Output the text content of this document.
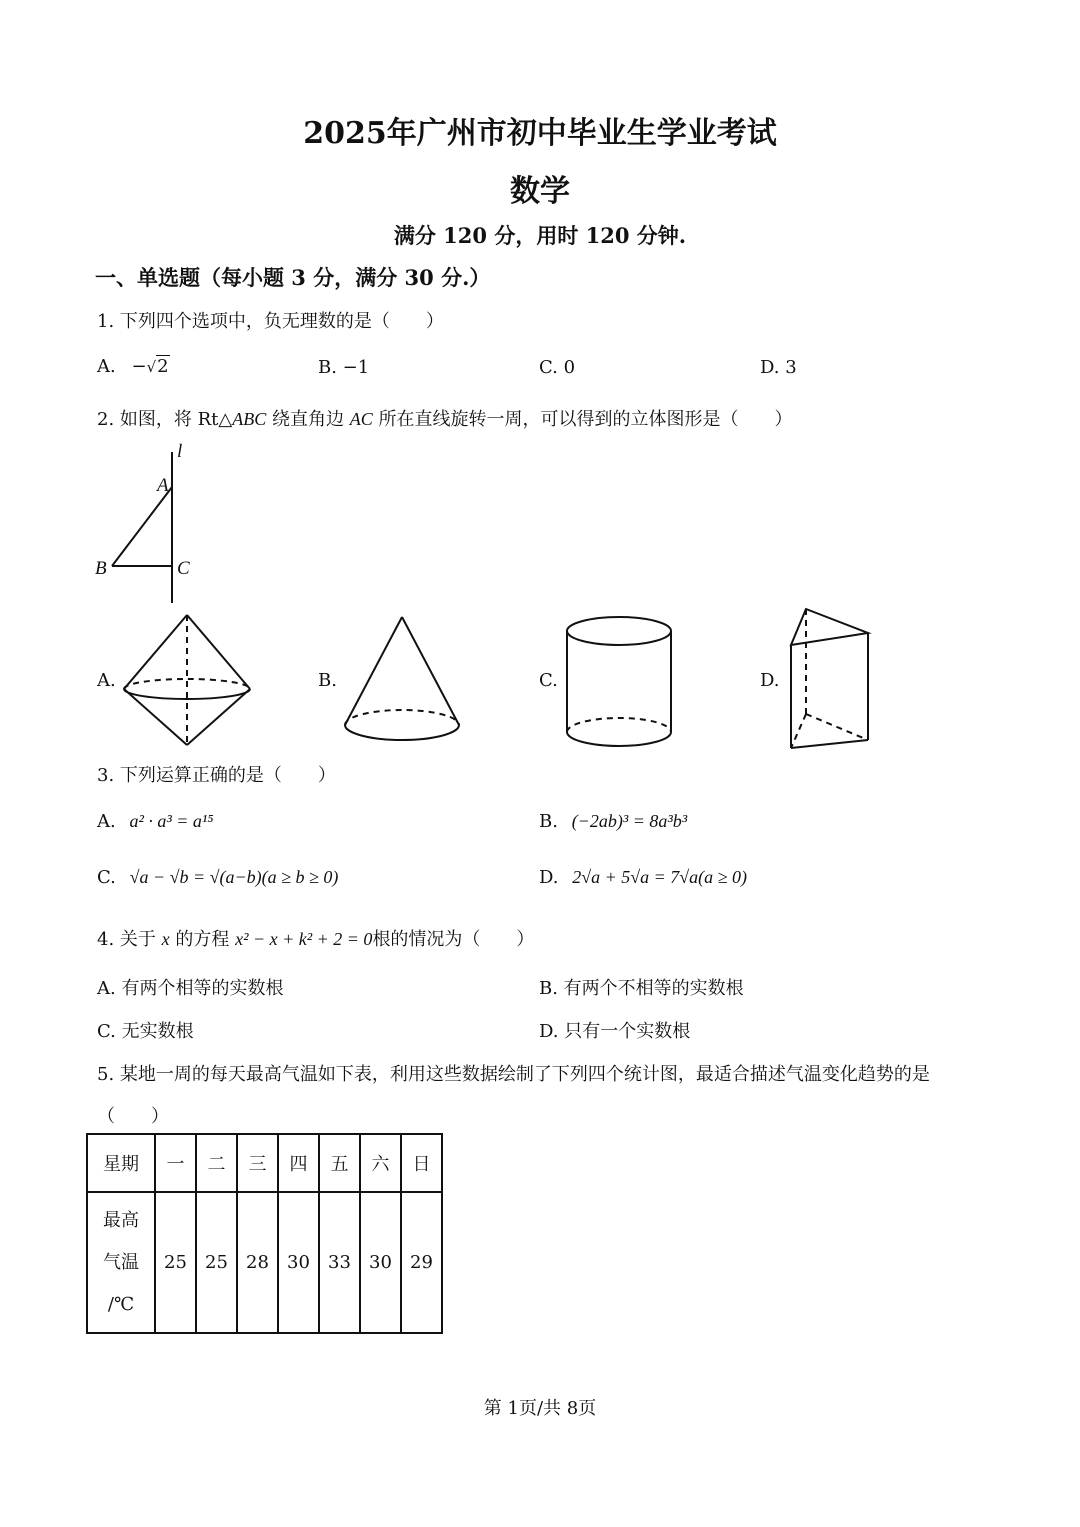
2025年广州市初中毕业生学业考试
数学
满分 120 分，用时 120 分钟.
一、单选题（每小题 3 分，满分 30 分.）
1. 下列四个选项中，负无理数的是（　　）
A. −√2	B. −1	C. 0	D. 3
2. 如图，将 Rt△ABC 绕直角边 AC 所在直线旋转一周，可以得到的立体图形是（　　）
l
A
B	C
A.	B.	C.	D.
3. 下列运算正确的是（　　）
A. a² · a³ = a¹⁵	B. (−2ab)³ = 8a³b³
C. √a − √b = √(a−b)(a ≥ b ≥ 0)	D. 2√a + 5√a = 7√a(a ≥ 0)
4. 关于 x 的方程 x² − x + k² + 2 = 0根的情况为（　　）
A. 有两个相等的实数根	B. 有两个不相等的实数根
C. 无实数根	D. 只有一个实数根
5. 某地一周的每天最高气温如下表，利用这些数据绘制了下列四个统计图，最适合描述气温变化趋势的是
（　　）
星期	一	二	三	四	五	六	日

最高
气温
/℃	25	25	28	30	33	30	29
第 1页/共 8页
